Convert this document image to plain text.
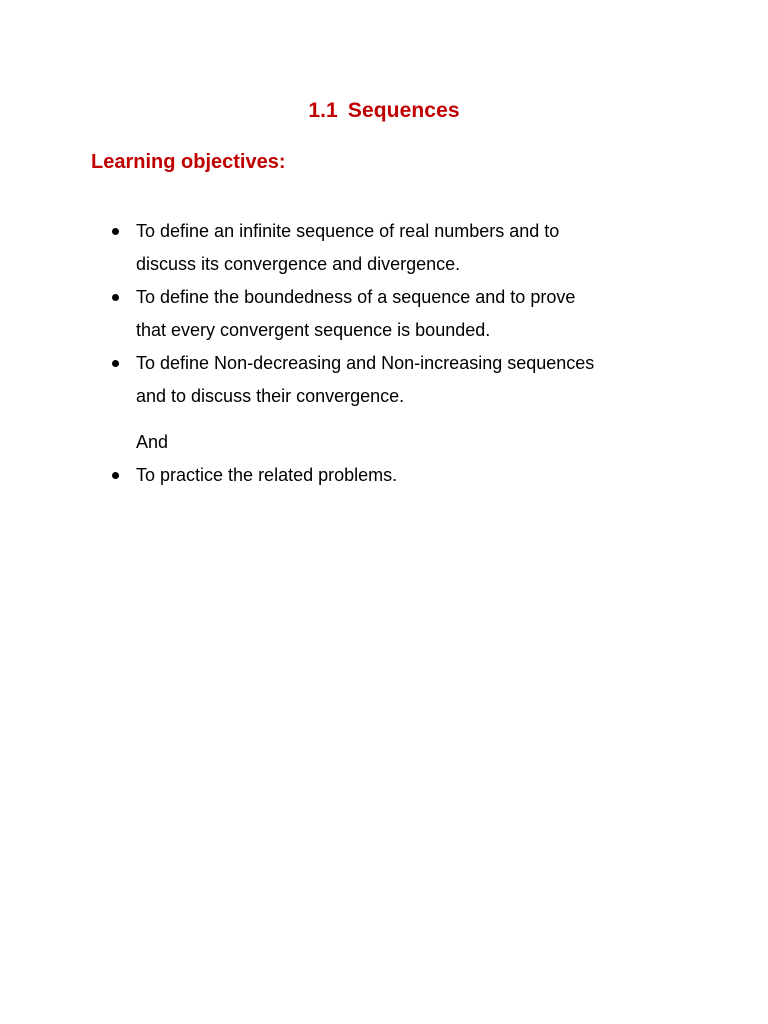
1.1 Sequences
Learning objectives:
To define an infinite sequence of real numbers and to
discuss its convergence and divergence.
To define the boundedness of a sequence and to prove
that every convergent sequence is bounded.
To define Non-decreasing and Non-increasing sequences
and to discuss their convergence.
And
To practice the related problems.
